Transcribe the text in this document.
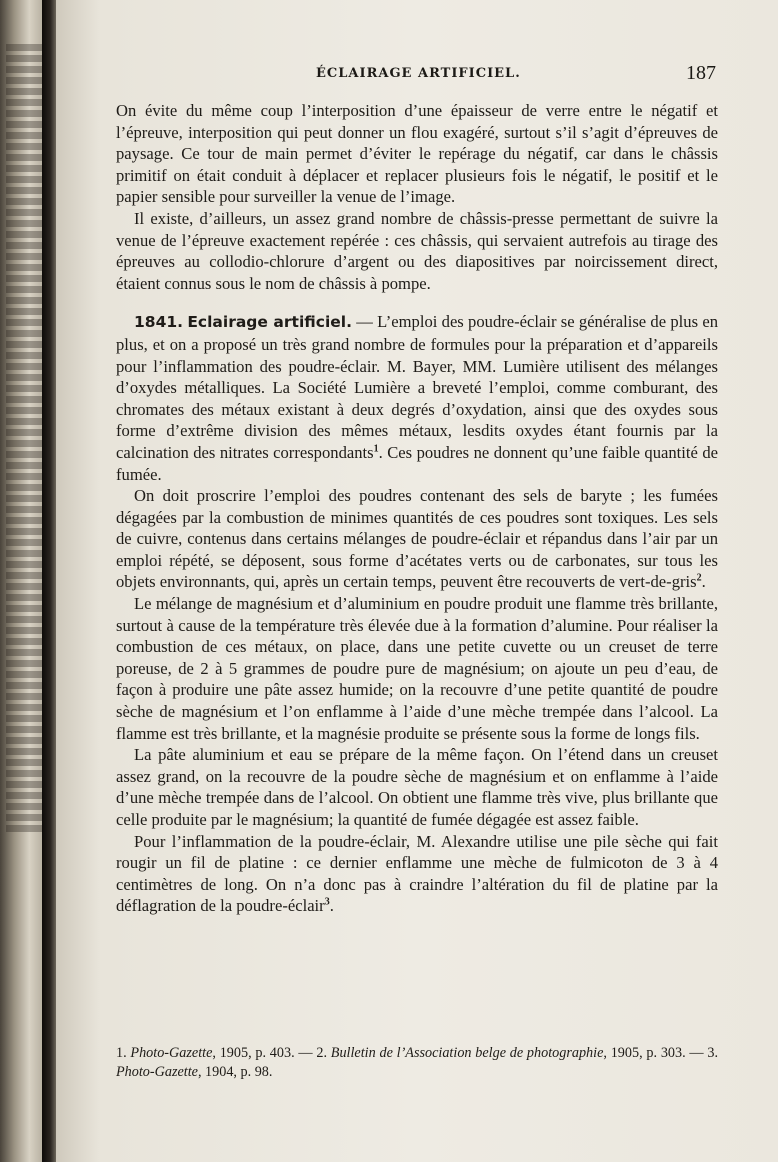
ÉCLAIRAGE ARTIFICIEL.	187

On évite du même coup l’interposition d’une épaisseur de verre entre le négatif et l’épreuve, interposition qui peut donner un flou exagéré, surtout s’il s’agit d’épreuves de paysage. Ce tour de main permet d’éviter le repérage du négatif, car dans le châssis primitif on était conduit à déplacer et replacer plusieurs fois le négatif, le positif et le papier sensible pour surveiller la venue de l’image.

Il existe, d’ailleurs, un assez grand nombre de châssis-presse permettant de suivre la venue de l’épreuve exactement repérée : ces châssis, qui servaient autrefois au tirage des épreuves au collodio-chlorure d’argent ou des diapositives par noircissement direct, étaient connus sous le nom de châssis à pompe.

1841. Eclairage artificiel. — L’emploi des poudre-éclair se généralise de plus en plus, et on a proposé un très grand nombre de formules pour la préparation et d’appareils pour l’inflammation des poudre-éclair. M. Bayer, MM. Lumière utilisent des mélanges d’oxydes métalliques. La Société Lumière a breveté l’emploi, comme comburant, des chromates des métaux existant à deux degrés d’oxydation, ainsi que des oxydes sous forme d’extrême division des mêmes métaux, lesdits oxydes étant fournis par la calcination des nitrates correspondants$^1$. Ces poudres ne donnent qu’une faible quantité de fumée.

On doit proscrire l’emploi des poudres contenant des sels de baryte ; les fumées dégagées par la combustion de minimes quantités de ces poudres sont toxiques. Les sels de cuivre, contenus dans certains mélanges de poudre-éclair et répandus dans l’air par un emploi répété, se déposent, sous forme d’acétates verts ou de carbonates, sur tous les objets environnants, qui, après un certain temps, peuvent être recouverts de vert-de-gris$^2$.

Le mélange de magnésium et d’aluminium en poudre produit une flamme très brillante, surtout à cause de la température très élevée due à la formation d’alumine. Pour réaliser la combustion de ces métaux, on place, dans une petite cuvette ou un creuset de terre poreuse, de 2 à 5 grammes de poudre pure de magnésium; on ajoute un peu d’eau, de façon à produire une pâte assez humide; on la recouvre d’une petite quantité de poudre sèche de magnésium et l’on enflamme à l’aide d’une mèche trempée dans l’alcool. La flamme est très brillante, et la magnésie produite se présente sous la forme de longs fils.

La pâte aluminium et eau se prépare de la même façon. On l’étend dans un creuset assez grand, on la recouvre de la poudre sèche de magnésium et on enflamme à l’aide d’une mèche trempée dans de l’alcool. On obtient une flamme très vive, plus brillante que celle produite par le magnésium; la quantité de fumée dégagée est assez faible.

Pour l’inflammation de la poudre-éclair, M. Alexandre utilise une pile sèche qui fait rougir un fil de platine : ce dernier enflamme une mèche de fulmicoton de 3 à 4 centimètres de long. On n’a donc pas à craindre l’altération du fil de platine par la déflagration de la poudre-éclair$^3$.

1. Photo-Gazette, 1905, p. 403. — 2. Bulletin de l’Association belge de photographie, 1905, p. 303. — 3. Photo-Gazette, 1904, p. 98.
